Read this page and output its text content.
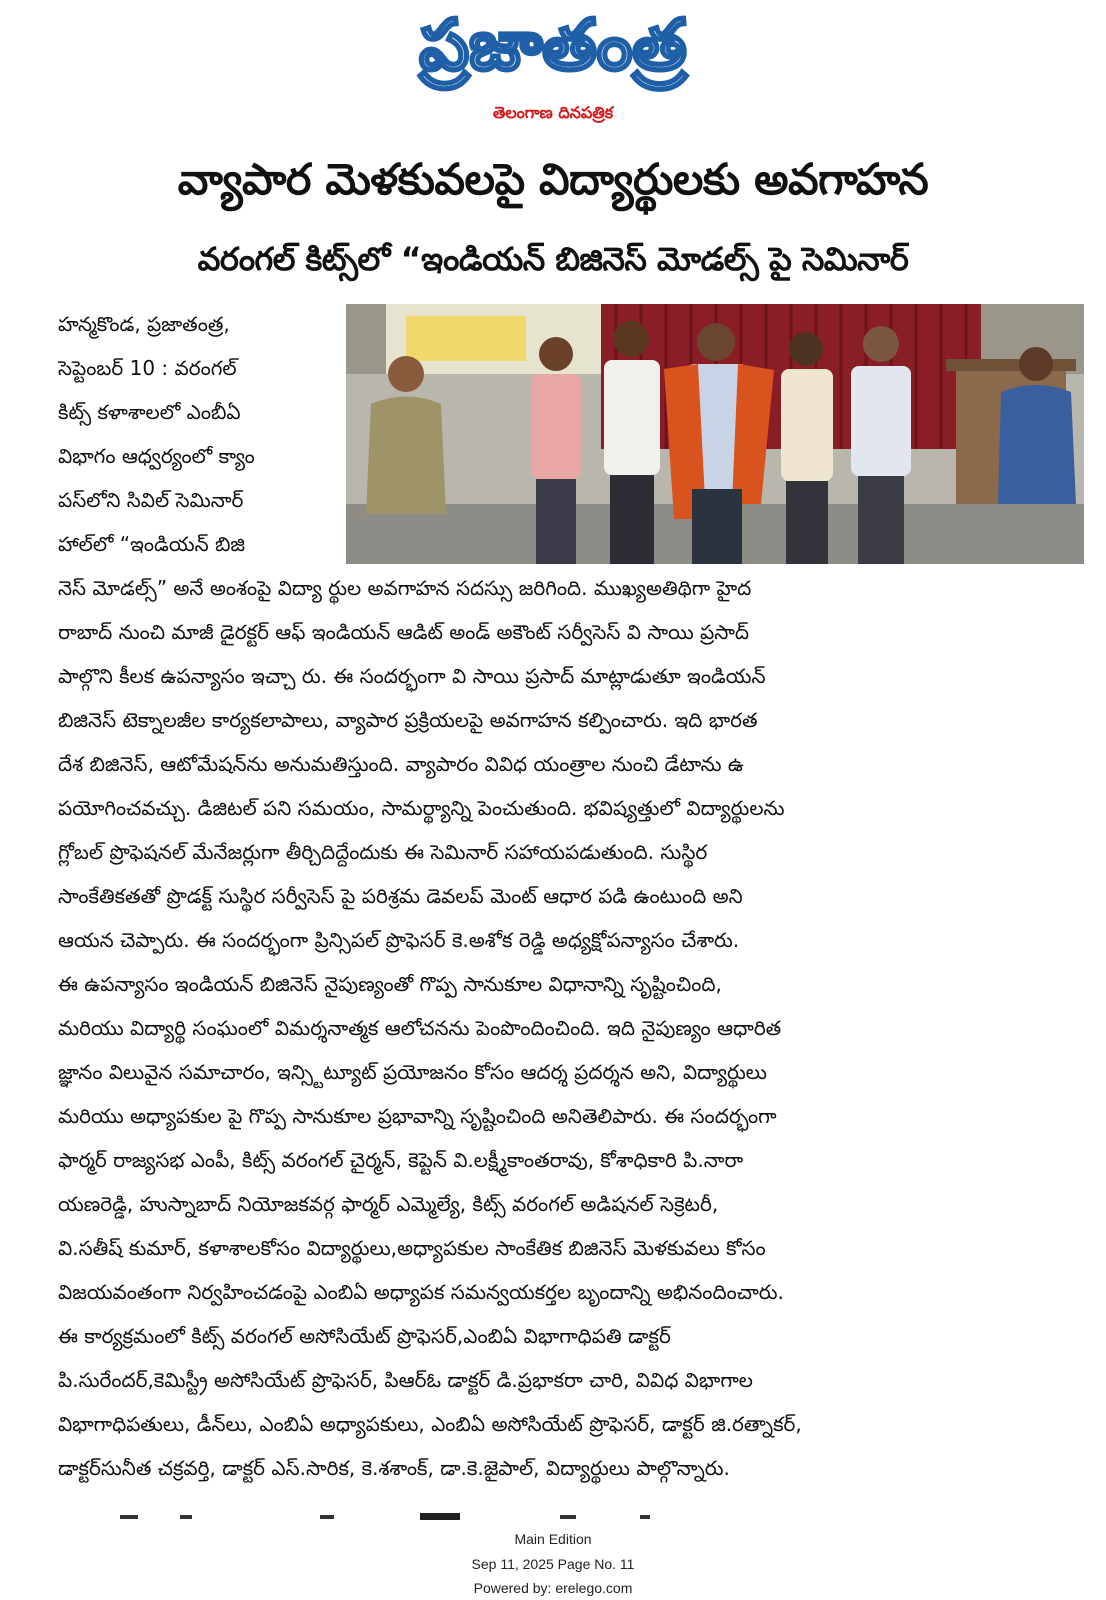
ప్రజాతంత్ర
తెలంగాణ దినపత్రిక
వ్యాపార మెళకువలపై విద్యార్థులకు అవగాహన
వరంగల్ కిట్స్‌లో “ఇండియన్ బిజినెస్ మోడల్స్ పై సెమినార్
హన్మకొండ, ప్రజాతంత్ర,
సెప్టెంబర్ 10 : వరంగల్
కిట్స్ కళాశాలలో ఎంబీఏ
విభాగం ఆధ్వర్యంలో క్యాం
పస్‌లోని సివిల్ సెమినార్
హాల్‌లో “ఇండియన్ బిజి
నెస్ మోడల్స్” అనే అంశంపై విద్యా ర్థుల అవగాహన సదస్సు జరిగింది. ముఖ్యఅతిథిగా హైద
రాబాద్ నుంచి మాజీ డైరక్టర్ ఆఫ్ ఇండియన్ ఆడిట్ అండ్ అకౌంట్ సర్వీసెస్ వి సాయి ప్రసాద్
పాల్గొని కీలక ఉపన్యాసం ఇచ్చా రు. ఈ సందర్భంగా వి సాయి ప్రసాద్ మాట్లాడుతూ ఇండియన్
బిజినెస్ టెక్నాలజీల కార్యకలాపాలు, వ్యాపార ప్రక్రియలపై అవగాహన కల్పించారు. ఇది భారత
దేశ బిజినెస్, ఆటోమేషన్‌ను అనుమతిస్తుంది. వ్యాపారం వివిధ యంత్రాల నుంచి డేటాను ఉ
పయోగించవచ్చు. డిజిటల్ పని సమయం, సామర్థ్యాన్ని పెంచుతుంది. భవిష్యత్తులో విద్యార్థులను
గ్లోబల్ ప్రొఫెషనల్ మేనేజర్లుగా తీర్చిదిద్దేందుకు ఈ సెమినార్ సహాయపడుతుంది. సుస్థిర
సాంకేతికతతో ప్రొడక్ట్ సుస్థిర సర్వీసెస్ పై పరిశ్రమ డెవలప్ మెంట్ ఆధార పడి ఉంటుంది అని
ఆయన చెప్పారు. ఈ సందర్భంగా ప్రిన్సిపల్ ప్రొఫెసర్ కె.అశోక రెడ్డి అధ్యక్షోపన్యాసం చేశారు.
ఈ ఉపన్యాసం ఇండియన్ బిజినెస్ నైపుణ్యంతో గొప్ప సానుకూల విధానాన్ని సృష్టించింది,
మరియు విద్యార్థి సంఘంలో విమర్శనాత్మక ఆలోచనను పెంపొందించింది. ఇది నైపుణ్యం ఆధారిత
జ్ఞానం విలువైన సమాచారం, ఇన్స్టిట్యూట్ ప్రయోజనం కోసం ఆదర్శ ప్రదర్శన అని, విద్యార్థులు
మరియు అధ్యాపకుల పై గొప్ప సానుకూల ప్రభావాన్ని సృష్టించింది అనితెలిపారు. ఈ సందర్భంగా
ఫార్మర్ రాజ్యసభ ఎంపీ, కిట్స్ వరంగల్ చైర్మన్, కెప్టెన్ వి.లక్ష్మీకాంతరావు, కోశాధికారి పి.నారా
యణరెడ్డి, హుస్నాబాద్ నియోజకవర్గ ఫార్మర్ ఎమ్మెల్యే, కిట్స్ వరంగల్ అడిషనల్ సెక్రెటరీ,
వి.సతీష్ కుమార్, కళాశాలకోసం విద్యార్థులు,అధ్యాపకుల సాంకేతిక బిజినెస్ మెళకువలు కోసం
విజయవంతంగా నిర్వహించడంపై ఎంబిఏ అధ్యాపక సమన్వయకర్తల బృందాన్ని అభినందించారు.
ఈ కార్యక్రమంలో కిట్స్ వరంగల్ అసోసియేట్ ప్రొఫెసర్,ఎంబిఏ విభాగాధిపతి డాక్టర్
పి.సురేందర్,కెమిస్ట్రీ అసోసియేట్ ప్రొఫెసర్, పిఆర్ఓ డాక్టర్ డి.ప్రభాకరా చారి, వివిధ విభాగాల
విభాగాధిపతులు, డీన్‌లు, ఎంబిఏ అధ్యాపకులు, ఎంబిఏ అసోసియేట్ ప్రొఫెసర్, డాక్టర్ జి.రత్నాకర్,
డాక్టర్‌సునీత చక్రవర్తి, డాక్టర్ ఎస్.సారిక, కె.శశాంక్, డా.కె.జైపాల్, విద్యార్థులు పాల్గొన్నారు.
Main Edition
Sep 11, 2025 Page No. 11
Powered by: erelego.com
